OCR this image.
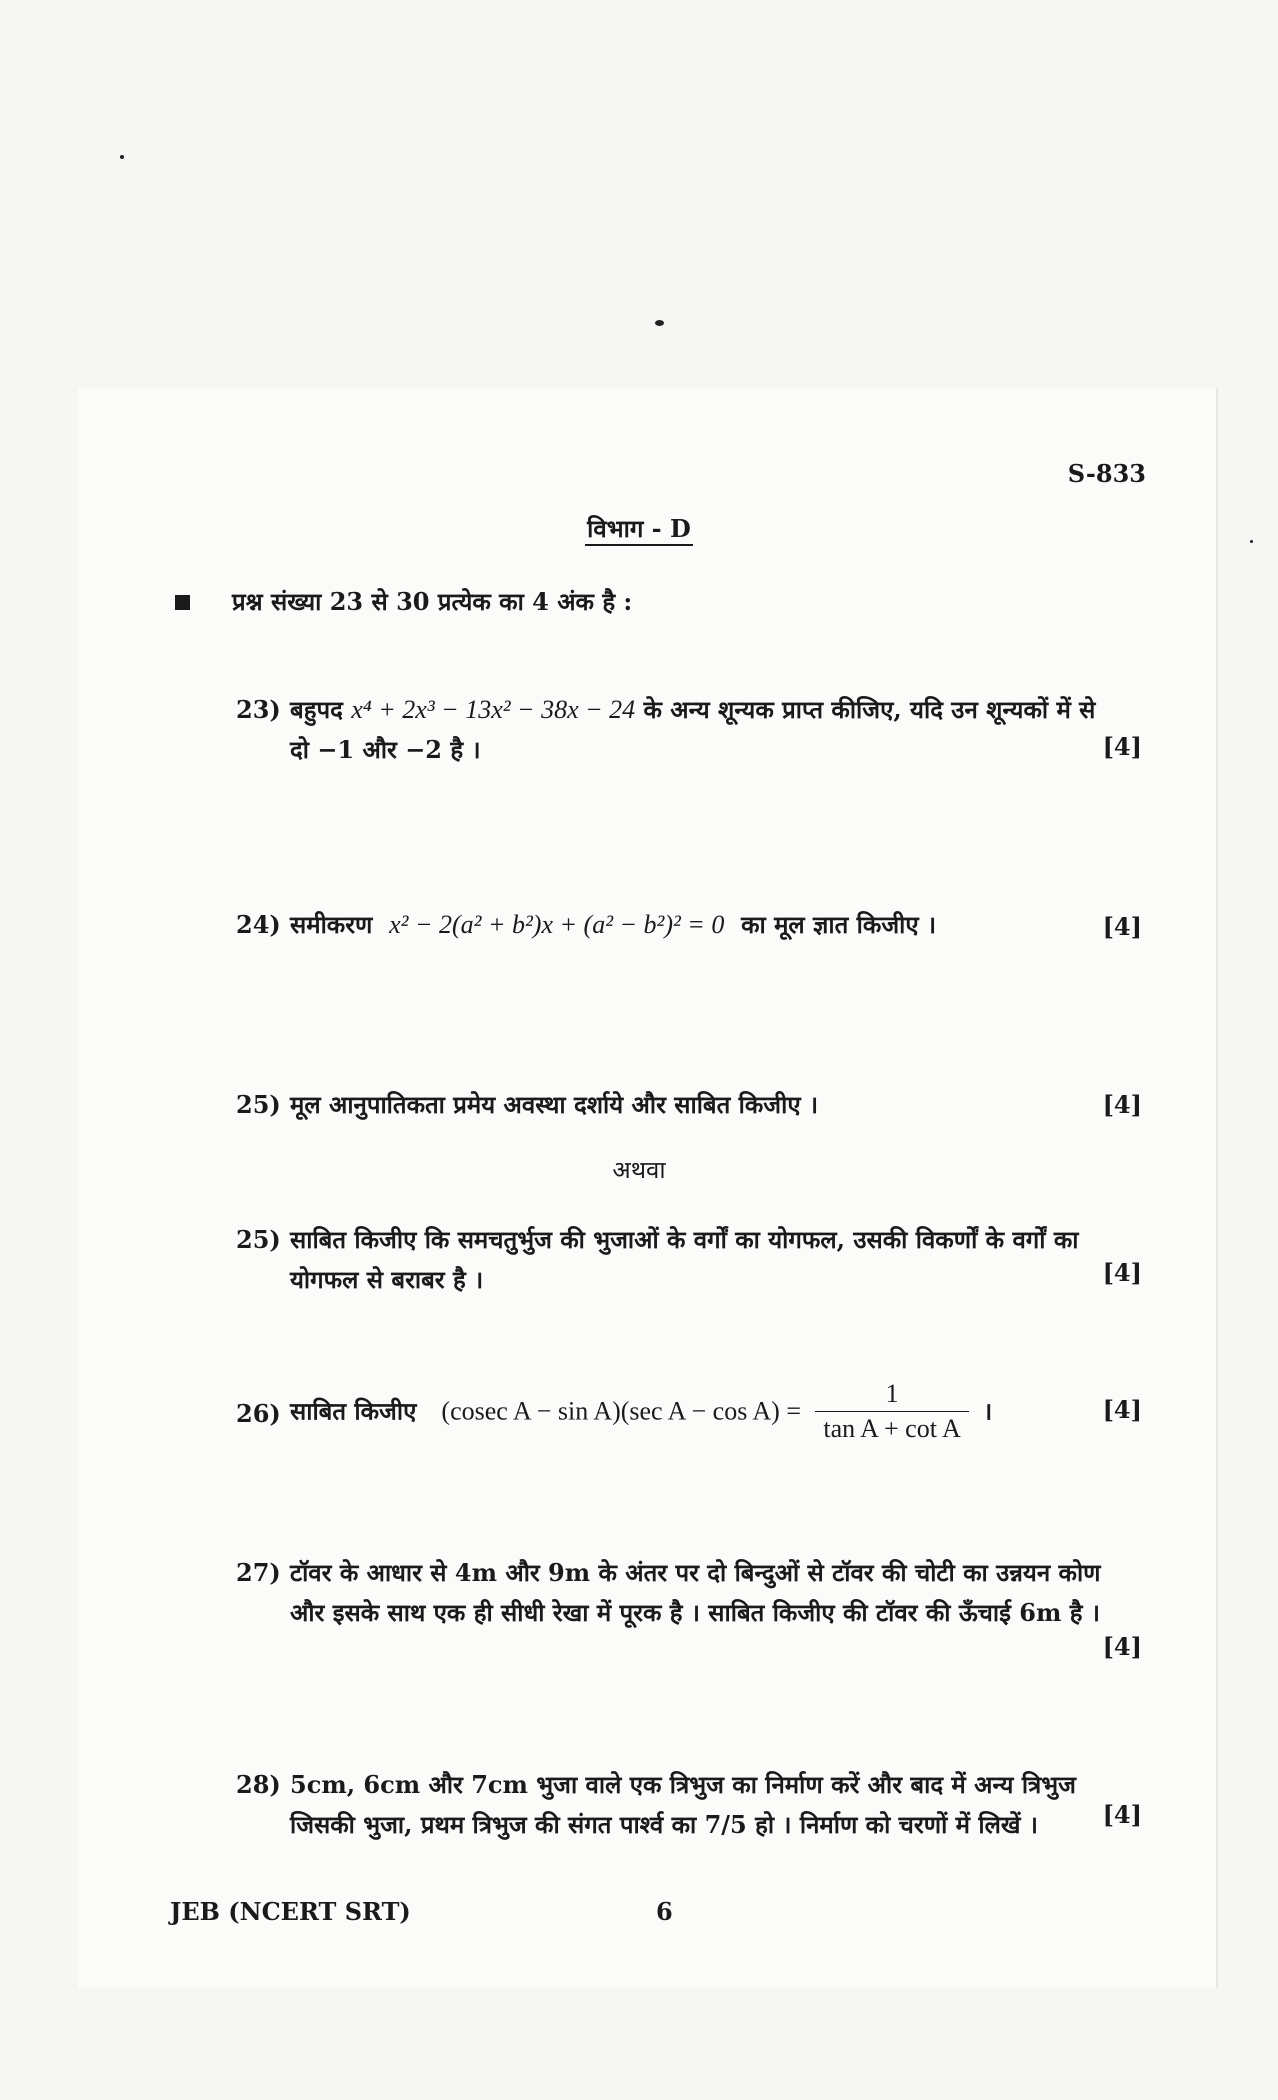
S-833
विभाग - D
प्रश्न संख्या 23 से 30 प्रत्येक का 4 अंक है :
23) बहुपद x⁴ + 2x³ − 13x² − 38x − 24 के अन्य शून्यक प्राप्त कीजिए, यदि उन शून्यकों में से दो −1 और −2 है ।	[4]
24) समीकरण x² − 2(a² + b²)x + (a² − b²)² = 0 का मूल ज्ञात किजीए ।	[4]
25) मूल आनुपातिकता प्रमेय अवस्था दर्शाये और साबित किजीए ।	[4]
अथवा
25) साबित किजीए कि समचतुर्भुज की भुजाओं के वर्गों का योगफल, उसकी विकर्णों के वर्गों का योगफल से बराबर है ।	[4]
26) साबित किजीए (cosec A − sin A)(sec $A - \cos A) = \frac{1}{\text{tan A + cot A}}$ ।	[4]
27) टॉवर के आधार से 4m और 9m के अंतर पर दो बिन्दुओं से टॉवर की चोटी का उन्नयन कोण और इसके साथ एक ही सीधी रेखा में पूरक है । साबित किजीए की टॉवर की ऊँचाई 6m है ।
[4]
28) 5cm, 6cm और 7cm भुजा वाले एक त्रिभुज का निर्माण करें और बाद में अन्य त्रिभुज जिसकी भुजा, प्रथम त्रिभुज की संगत पार्श्व का 7/5 हो । निर्माण को चरणों में लिखें ।	[4]
JEB (NCERT SRT)	6
